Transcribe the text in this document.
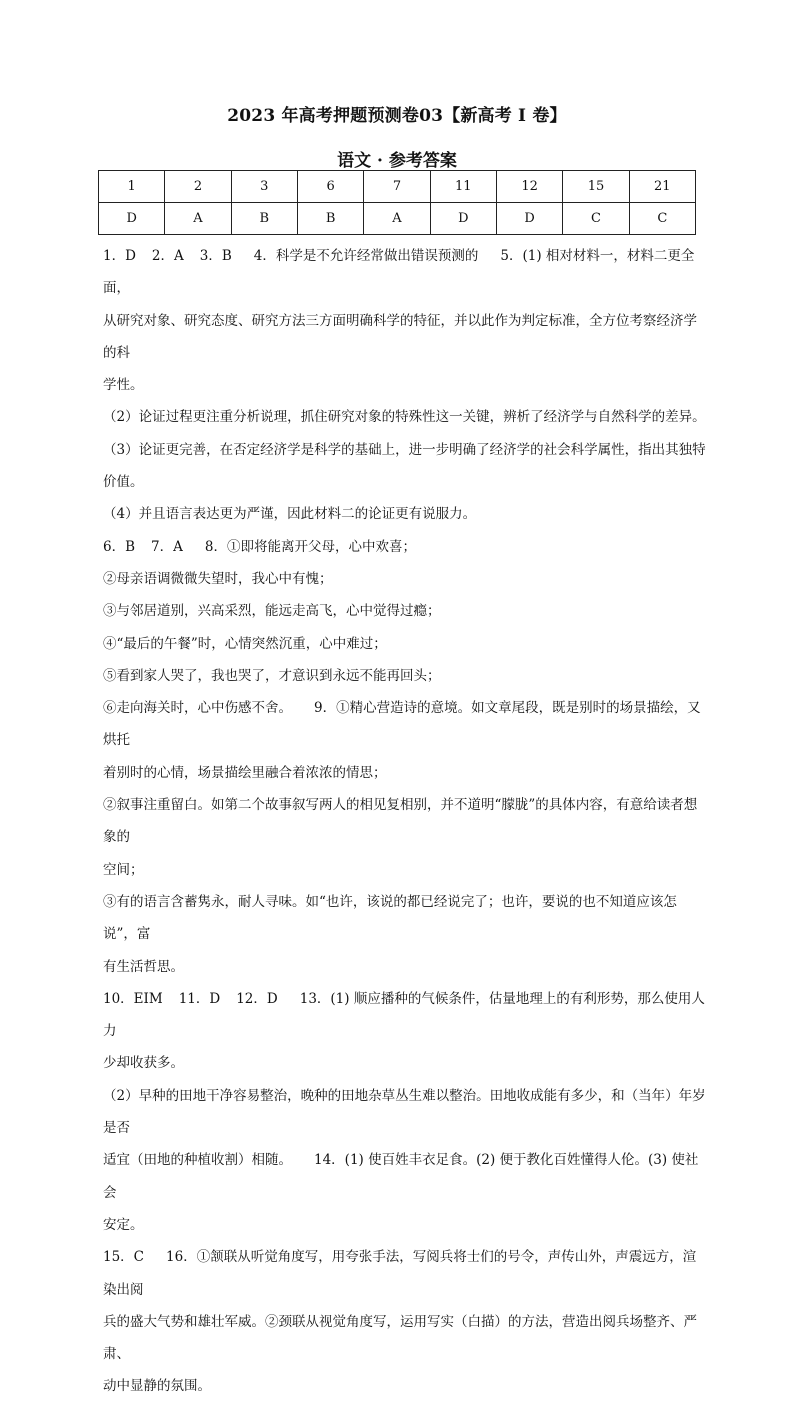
2023 年高考押题预测卷03【新高考 I 卷】
语文 · 参考答案
1	2	3	6	7	11	12	15	21
D	A	B	B	A	D	D	C	C

1．D 2．A 3．B 4．科学是不允许经常做出错误预测的 5．(1) 相对材料一，材料二更全面，

从研究对象、研究态度、研究方法三方面明确科学的特征，并以此作为判定标准，全方位考察经济学的科

学性。

（2）论证过程更注重分析说理，抓住研究对象的特殊性这一关键，辨析了经济学与自然科学的差异。

（3）论证更完善，在否定经济学是科学的基础上，进一步明确了经济学的社会科学属性，指出其独特价值。

（4）并且语言表达更为严谨，因此材料二的论证更有说服力。

6．B 7．A 8．①即将能离开父母，心中欢喜；

②母亲语调微微失望时，我心中有愧；

③与邻居道别，兴高采烈，能远走高飞，心中觉得过瘾；

④“最后的午餐”时，心情突然沉重，心中难过；

⑤看到家人哭了，我也哭了，才意识到永远不能再回头；

⑥走向海关时，心中伤感不舍。 9．①精心营造诗的意境。如文章尾段，既是别时的场景描绘，又烘托

着别时的心情，场景描绘里融合着浓浓的情思；

②叙事注重留白。如第二个故事叙写两人的相见复相别，并不道明“朦胧”的具体内容，有意给读者想象的

空间；

③有的语言含蓄隽永，耐人寻味。如“也许，该说的都已经说完了；也许，要说的也不知道应该怎说”，富

有生活哲思。

10．EIM 11．D 12．D 13．(1) 顺应播种的气候条件，估量地理上的有利形势，那么使用人力

少却收获多。

（2）早种的田地干净容易整治，晚种的田地杂草丛生难以整治。田地收成能有多少，和（当年）年岁是否

适宜（田地的种植收割）相随。 14．(1) 使百姓丰衣足食。(2) 便于教化百姓懂得人伦。(3) 使社会

安定。

15．C 16．①颔联从听觉角度写，用夸张手法，写阅兵将士们的号令，声传山外，声震远方，渲染出阅

兵的盛大气势和雄壮军威。②颈联从视觉角度写，运用写实（白描）的方法，营造出阅兵场整齐、严肃、

动中显静的氛围。
